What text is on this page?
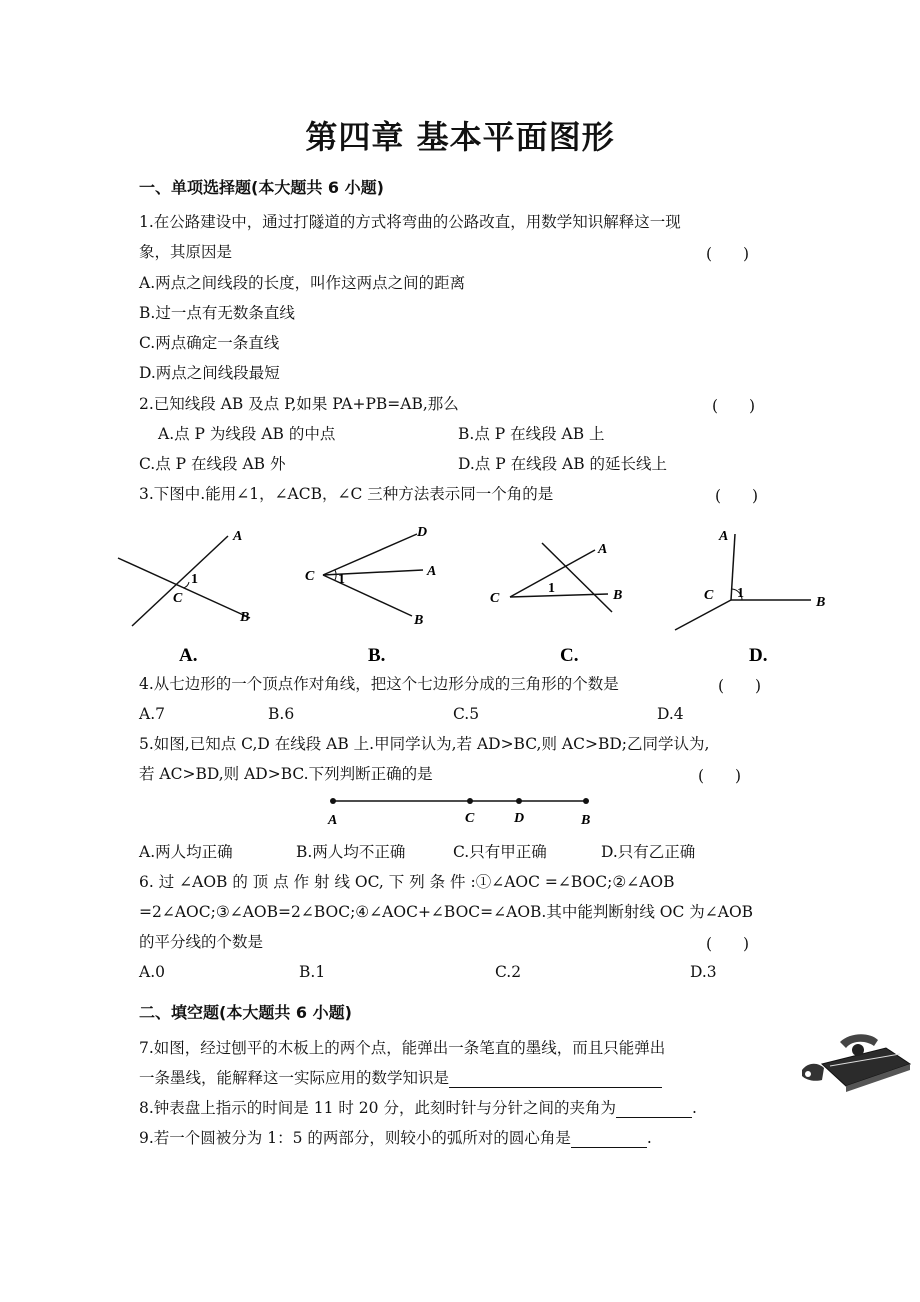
第四章 基本平面图形
一、单项选择题(本大题共 6 小题)
1.在公路建设中，通过打隧道的方式将弯曲的公路改直，用数学知识解释这一现
象，其原因是	(　　)
A.两点之间线段的长度，叫作这两点之间的距离
B.过一点有无数条直线
C.两点确定一条直线
D.两点之间线段最短
2.已知线段 AB 及点 P,如果 PA+PB=AB,那么	(　　)
A.点 P 为线段 AB 的中点	B.点 P 在线段 AB 上
C.点 P 在线段 AB 外	D.点 P 在线段 AB 的延长线上
3.下图中.能用∠1，∠ACB，∠C 三种方法表示同一个角的是	(　　)
A
1
C
B
A.
D
C 1
A
B
B.
A
1
C	B
C.
A
C 1
B
D.
4.从七边形的一个顶点作对角线，把这个七边形分成的三角形的个数是	(　　)
A.7	B.6	C.5	D.4
5.如图,已知点 C,D 在线段 AB 上.甲同学认为,若 AD>BC,则 AC>BD;乙同学认为,
若 AC>BD,则 AD>BC.下列判断正确的是	(　　)
A	C	D	B
A.两人均正确	B.两人均不正确	C.只有甲正确	D.只有乙正确
6. 过 ∠AOB 的 顶 点 作 射 线 OC, 下 列 条 件 :①∠AOC =∠BOC;②∠AOB
=2∠AOC;③∠AOB=2∠BOC;④∠AOC+∠BOC=∠AOB.其中能判断射线 OC 为∠AOB
的平分线的个数是	(　　)
A.0	B.1	C.2	D.3
二、填空题(本大题共 6 小题)
7.如图，经过刨平的木板上的两个点，能弹出一条笔直的墨线，而且只能弹出
一条墨线，能解释这一实际应用的数学知识是
8.钟表盘上指示的时间是 11 时 20 分，此刻时针与分针之间的夹角为	.
9.若一个圆被分为 1：5 的两部分，则较小的弧所对的圆心角是	.
